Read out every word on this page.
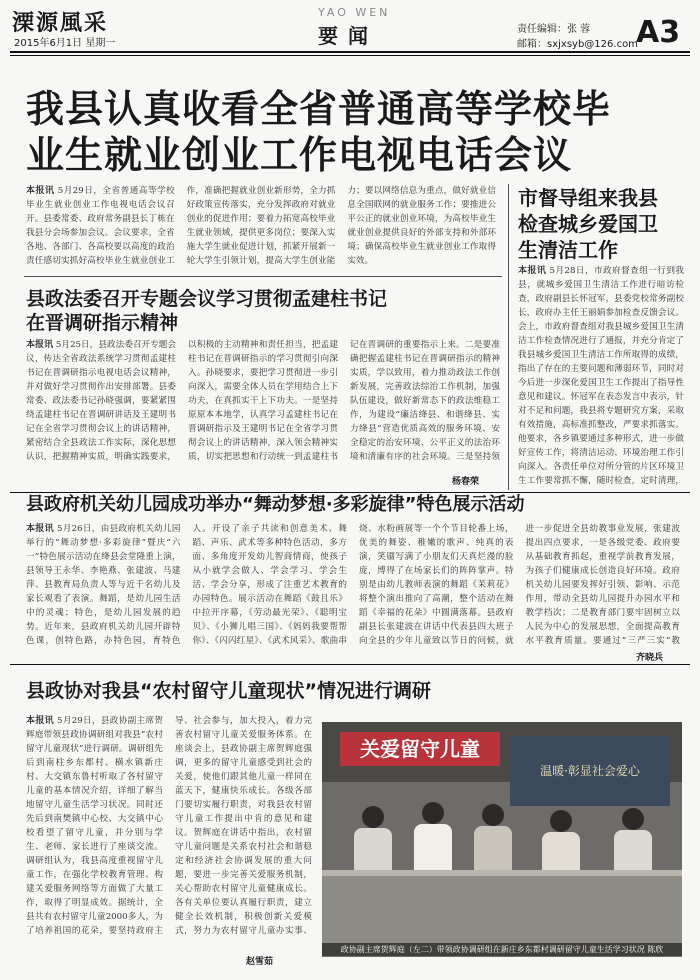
溧源風采
2015年6月1日 星期一
YAO WEN
要闻	责任编辑：张 蓉
邮箱：sxjxsyb@126.com
A3
我县认真收看全省普通高等学校毕
业生就业创业工作电视电话会议
本报讯 5月29日，全省普通高等学校毕业生就业创业工作电视电话会议召开。县委常委、政府常务副县长丁栋在我县分会场参加会议。会议要求，全省各地、各部门、各高校要以高度的政治责任感切实抓好高校毕业生就业创业工作，准确把握就业创业新形势，全力抓好政策宣传落实，充分发挥政府对就业创业的促进作用；要着力拓宽高校毕业生就业领域，提供更多岗位；要深入实施大学生就业促进计划，抓紧开展新一轮大学生引领计划，提高大学生创业能力；要以网络信息为重点，做好就业信息全国联网的就业服务工作；要推进公平公正的就业创业环境，为高校毕业生就业创业提供良好的外部支持和外部环境；确保高校毕业生就业创业工作取得实效。
县政法委召开专题会议学习贯彻孟建柱书记
在晋调研指示精神
本报讯 5月25日，县政法委召开专题会议，传达全省政法系统学习贯彻孟建柱书记在晋调研指示电视电话会议精神，并对做好学习贯彻作出安排部署。县委常委、政法委书记孙晓强调，要紧紧围绕孟建柱书记在晋调研讲话及王建明书记在全省学习贯彻会议上的讲话精神，紧密结合全县政法工作实际，深化思想认识，把握精神实质，明确实践要求，以积极的主动精神和责任担当，把孟建柱书记在晋调研指示的学习贯彻引向深入。孙晓要求，要把学习贯彻进一步引向深入，需要全体人员在学用结合上下功夫，在真抓实干上下功夫。一是坚持原原本本地学，认真学习孟建柱书记在晋调研指示及王建明书记在全省学习贯彻会议上的讲话精神，深入领会精神实质，切实把思想和行动统一到孟建柱书记在晋调研的重要指示上来。二是要准确把握孟建柱书记在晋调研指示的精神实质，学以致用，着力推动政法工作创新发展，完善政法综治工作机制，加强队伍建设，做好新常态下的政法维稳工作，为建设“廉洁绛县、和谐绛县、实力绛县”营造优质高效的服务环境、安全稳定的治安环境、公平正义的法治环境和清廉有序的社会环境。三是坚持领
杨春荣
市督导组来我县
检查城乡爱国卫
生清洁工作
本报讯 5月28日，市政府督查组一行到我县，就城乡爱国卫生清洁工作进行暗访检查，政府副县长怀冠军，县委党校常务副校长，政府办主任王丽娟参加检查反馈会议。会上，市政府督查组对我县城乡爱国卫生清洁工作检查情况进行了通报，并充分肯定了我县城乡爱国卫生清洁工作所取得的成绩，指出了存在的主要问题和薄弱环节，同时对今后进一步深化爱国卫生工作提出了指导性意见和建议。怀冠军在表态发言中表示，针对不足和问题，我县将专题研究方案，采取有效措施，高标准抓整改，严要求抓落实。他要求，各乡镇要通过多种形式，进一步做好宣传工作，将清洁运动、环境治理工作引向深入。各责任单位对所分管的片区环境卫生工作要常抓不懈，随时检查，定时清理，
县政府机关幼儿园成功举办“舞动梦想·多彩旋律”特色展示活动
本报讯 5月26日，由县政府机关幼儿园举行的“舞动梦想·多彩旋律”暨庆“六一”特色展示活动在绛县会堂隆重上演，县领导王永华、李艳燕、张建波、马建萍、县教育局负责人等与近千名幼儿及家长观看了表演。舞蹈，是幼儿园生活中的灵魂；特色，是幼儿园发展的趋势。近年来，县政府机关幼儿园开辟特色课，创特色路，办特色园，育特色人。开设了亲子共读和创意美术、舞蹈、声乐、武术等多种特色活动，多方面、多角度开发幼儿智商情商，使孩子从小就学会做人、学会学习、学会生活、学会分享，形成了注重艺术教育的办园特色。展示活动在舞蹈《鼓且乐》中拉开序幕，《劳动最光荣》、《聪明宝贝》、《小狮儿唱三国》、《妈妈我要帮帮你》、《闪闪红星》、《武术风采》、歌曲串烧、水粉画展等一个个节目轮番上场，优美的舞姿、稚嫩的歌声、纯真的表演，笑靥写满了小朋友们天真烂漫的脸庞，博得了在场家长们的阵阵掌声。特别是由幼儿教师表演的舞蹈《茉莉花》将整个演出推向了高潮，整个活动在舞蹈《幸福的花朵》中圆满落幕。县政府副县长张建波在讲话中代表县四大班子向全县的少年儿童致以节日的问候，就进一步促进全县幼教事业发展，张建波提出四点要求，一是各级党委、政府要从基础教育抓起，重视学前教育发展，为孩子们健康成长创造良好环境。政府机关幼儿园要发挥好引领、影响、示范作用，带动全县幼儿园提升办园水平和教学档次；二是教育部门要牢固树立以人民为中心的发展思想，全面提高教育水平教育质量。要通过“三严三实”教
齐晓兵
县政协对我县“农村留守儿童现状”情况进行调研
本报讯 5月29日，县政协副主席贺辉庭带领县政协调研组对我县“农村留守儿童现状”进行调研。调研组先后到南柱乡东都村、横水镇新庄村、大交镇东鲁村听取了各村留守儿童的基本情况介绍，详细了解当地留守儿童生活学习状况。同时还先后到南樊镇中心校、大交镇中心校看望了留守儿童，并分别与学生、老师、家长进行了座谈交流。调研组认为，我县高度重视留守儿童工作，在强化学校教育管理、构建关爱服务网络等方面做了大量工作，取得了明显成效。据统计，全县共有农村留守儿童2000多人，为了培养祖国的花朵，要坚持政府主导、社会参与，加大投入，着力完善农村留守儿童关爱服务体系。在座谈会上，县政协副主席贺辉庭强调，更多的留守儿童感受到社会的关爱，使他们跟其他儿童一样同在蓝天下，健康快乐成长。各级各部门要切实履行职责，对我县农村留守儿童工作提出中肯的意见和建议。贺辉庭在讲话中指出，农村留守儿童问题是关系农村社会和谐稳定和经济社会协调发展的重大问题，要进一步完善关爱服务机制，关心帮助农村留守儿童健康成长。各有关单位要认真履行职责，建立健全长效机制，积极创新关爱模式，努力为农村留守儿童办实事、
赵雪茹
关爱留守儿童
温暖·彰显社会爱心
政协副主席贺辉庭（左二）带领政协调研组在新庄乡东都村调研留守儿童生活学习状况 陈欣
